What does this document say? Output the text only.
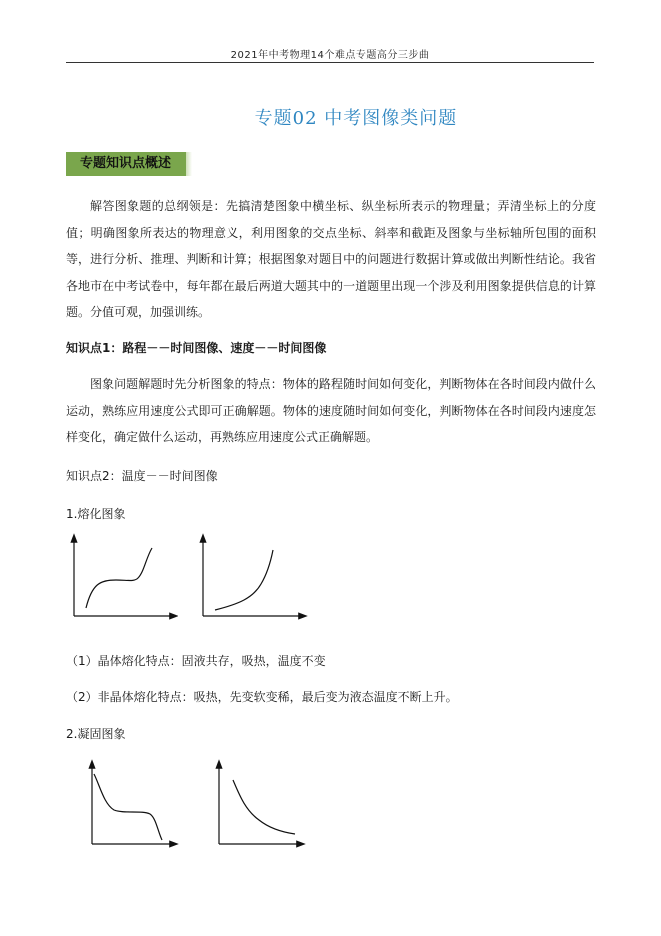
2021年中考物理14个难点专题高分三步曲
专题02 中考图像类问题
专题知识点概述

解答图象题的总纲领是：先搞清楚图象中横坐标、纵坐标所表示的物理量；弄清坐标上的分度值；明确图象所表达的物理意义，利用图象的交点坐标、斜率和截距及图象与坐标轴所包围的面积等，进行分析、推理、判断和计算；根据图象对题目中的问题进行数据计算或做出判断性结论。我省各地市在中考试卷中，每年都在最后两道大题其中的一道题里出现一个涉及利用图象提供信息的计算题。分值可观，加强训练。

知识点1：路程－－时间图像、速度－－时间图像

图象问题解题时先分析图象的特点：物体的路程随时间如何变化，判断物体在各时间段内做什么运动，熟练应用速度公式即可正确解题。物体的速度随时间如何变化，判断物体在各时间段内速度怎样变化，确定做什么运动，再熟练应用速度公式正确解题。

知识点2：温度－－时间图像

1.熔化图象

（1）晶体熔化特点：固液共存，吸热，温度不变

（2）非晶体熔化特点：吸热，先变软变稀，最后变为液态温度不断上升。

2.凝固图象
